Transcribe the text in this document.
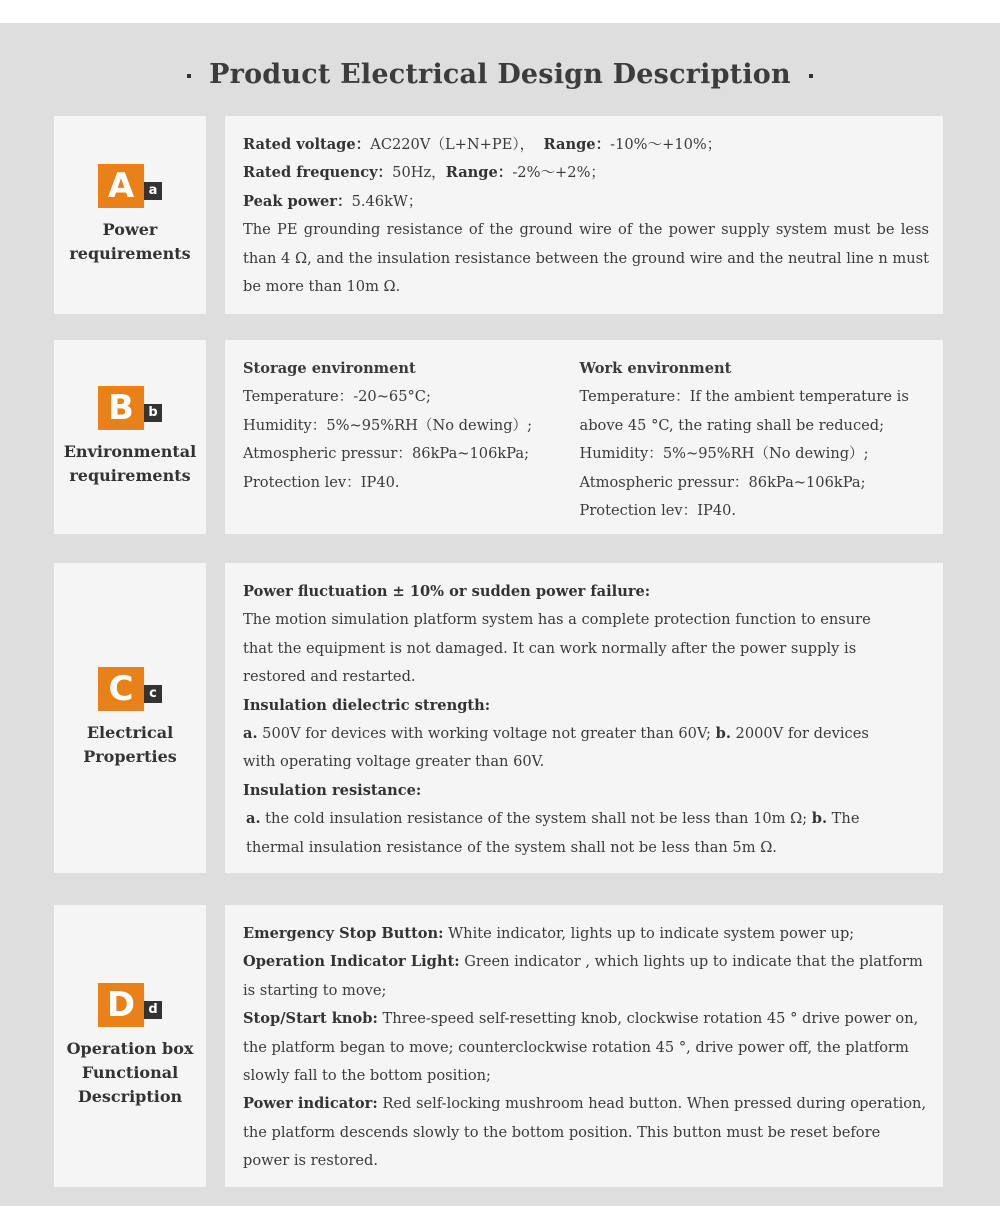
Product Electrical Design Description
A	a
Power
requirements

Rated voltage：AC220V（L+N+PE）， Range：-10%～+10%；

Rated frequency：50Hz，Range：-2%～+2%；

Peak power：5.46kW；

The PE grounding resistance of the ground wire of the power supply system must be less than 4 Ω, and the insulation resistance between the ground wire and the neutral line n must be more than 10m Ω.

B	b
Environmental
requirements

Storage environment

Temperature：-20~65°C;

Humidity：5%~95%RH（No dewing）;

Atmospheric pressur：86kPa~106kPa;

Protection lev：IP40.

Work environment

Temperature：If the ambient temperature is above 45 °C, the rating shall be reduced;

Humidity：5%~95%RH（No dewing）;

Atmospheric pressur：86kPa~106kPa;

Protection lev：IP40.

C	c
Electrical
Properties

Power fluctuation ± 10% or sudden power failure:

The motion simulation platform system has a complete protection function to ensure that the equipment is not damaged. It can work normally after the power supply is restored and restarted.

Insulation dielectric strength:

a. 500V for devices with working voltage not greater than 60V; b. 2000V for devices with operating voltage greater than 60V.

Insulation resistance:

a. the cold insulation resistance of the system shall not be less than 10m Ω; b. The thermal insulation resistance of the system shall not be less than 5m Ω.

D	d
Operation box
Functional
Description

Emergency Stop Button: White indicator, lights up to indicate system power up;

Operation Indicator Light: Green indicator , which lights up to indicate that the platform is starting to move;

Stop/Start knob: Three-speed self-resetting knob, clockwise rotation 45 ° drive power on, the platform began to move; counterclockwise rotation 45 °, drive power off, the platform slowly fall to the bottom position;

Power indicator: Red self-locking mushroom head button. When pressed during operation, the platform descends slowly to the bottom position. This button must be reset before power is restored.
